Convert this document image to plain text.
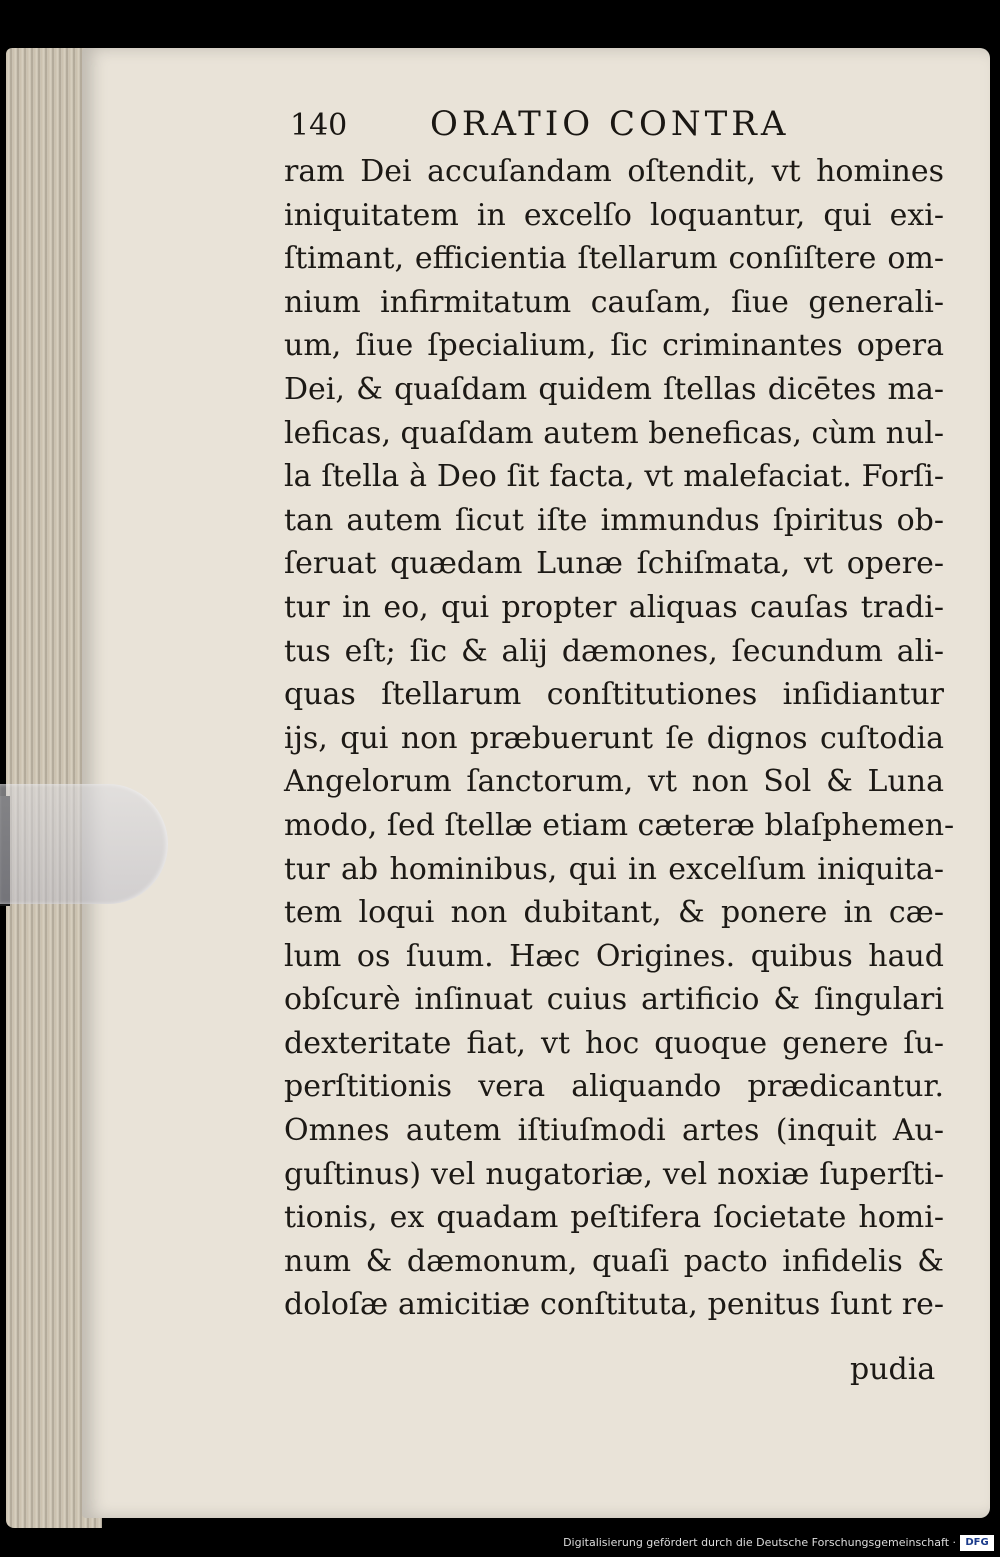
140	ORATIO CONTRA
ram Dei accuſandam oſtendit, vt homines
iniquitatem in excelſo loquantur, qui exi-
ſtimant, efficientia ſtellarum conſiſtere om-
nium infirmitatum cauſam, ſiue generali-
um, ſiue ſpecialium, ſic criminantes opera
Dei, & quaſdam quidem ſtellas dicētes ma-
leficas, quaſdam autem beneficas, cùm nul-
la ſtella à Deo ſit facta, vt malefaciat. Forſi-
tan autem ſicut iſte immundus ſpiritus ob-
ſeruat quædam Lunæ ſchiſmata, vt opere-
tur in eo, qui propter aliquas cauſas tradi-
tus eſt; ſic & alij dæmones, ſecundum ali-
quas ſtellarum conſtitutiones inſidiantur
ijs, qui non præbuerunt ſe dignos cuſtodia
Angelorum ſanctorum, vt non Sol & Luna
modo, ſed ſtellæ etiam cæteræ blaſphemen-
tur ab hominibus, qui in excelſum iniquita-
tem loqui non dubitant, & ponere in cæ-
lum os ſuum. Hæc Origines. quibus haud
obſcurè inſinuat cuius artificio & ſingulari
dexteritate fiat, vt hoc quoque genere ſu-
perſtitionis vera aliquando prædicantur.
Omnes autem iſtiuſmodi artes (inquit Au-
guſtinus) vel nugatoriæ, vel noxiæ ſuperſti-
tionis, ex quadam peſtifera ſocietate homi-
num & dæmonum, quaſi pacto infidelis &
doloſæ amicitiæ conſtituta, penitus ſunt re-
pudia
Digitalisierung gefördert durch die Deutsche Forschungsgemeinschaft · DFG
